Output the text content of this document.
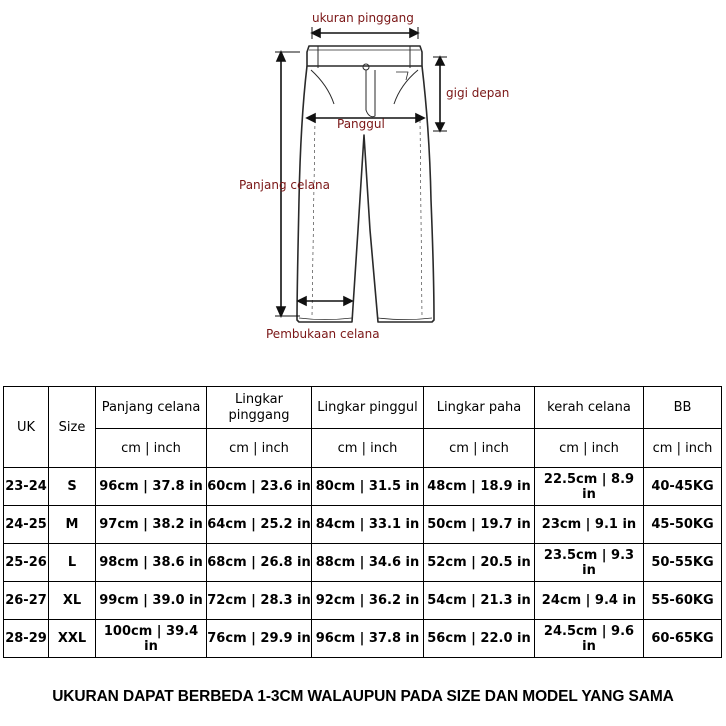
ukuran pinggang
gigi depan
Panggul
Panjang celana
Pembukaan celana
UK	Size	Panjang celana	Lingkar pinggang	Lingkar pinggul	Lingkar paha	kerah celana	BB
		cm | inch	cm | inch	cm | inch	cm | inch	cm | inch	cm | inch
23-24	S	96cm | 37.8 in	60cm | 23.6 in	80cm | 31.5 in	48cm | 18.9 in	22.5cm | 8.9 in	40-45KG
24-25	M	97cm | 38.2 in	64cm | 25.2 in	84cm | 33.1 in	50cm | 19.7 in	23cm | 9.1 in	45-50KG
25-26	L	98cm | 38.6 in	68cm | 26.8 in	88cm | 34.6 in	52cm | 20.5 in	23.5cm | 9.3 in	50-55KG
26-27	XL	99cm | 39.0 in	72cm | 28.3 in	92cm | 36.2 in	54cm | 21.3 in	24cm | 9.4 in	55-60KG
28-29	XXL	100cm | 39.4 in	76cm | 29.9 in	96cm | 37.8 in	56cm | 22.0 in	24.5cm | 9.6 in	60-65KG
UKURAN DAPAT BERBEDA 1-3CM WALAUPUN PADA SIZE DAN MODEL YANG SAMA
